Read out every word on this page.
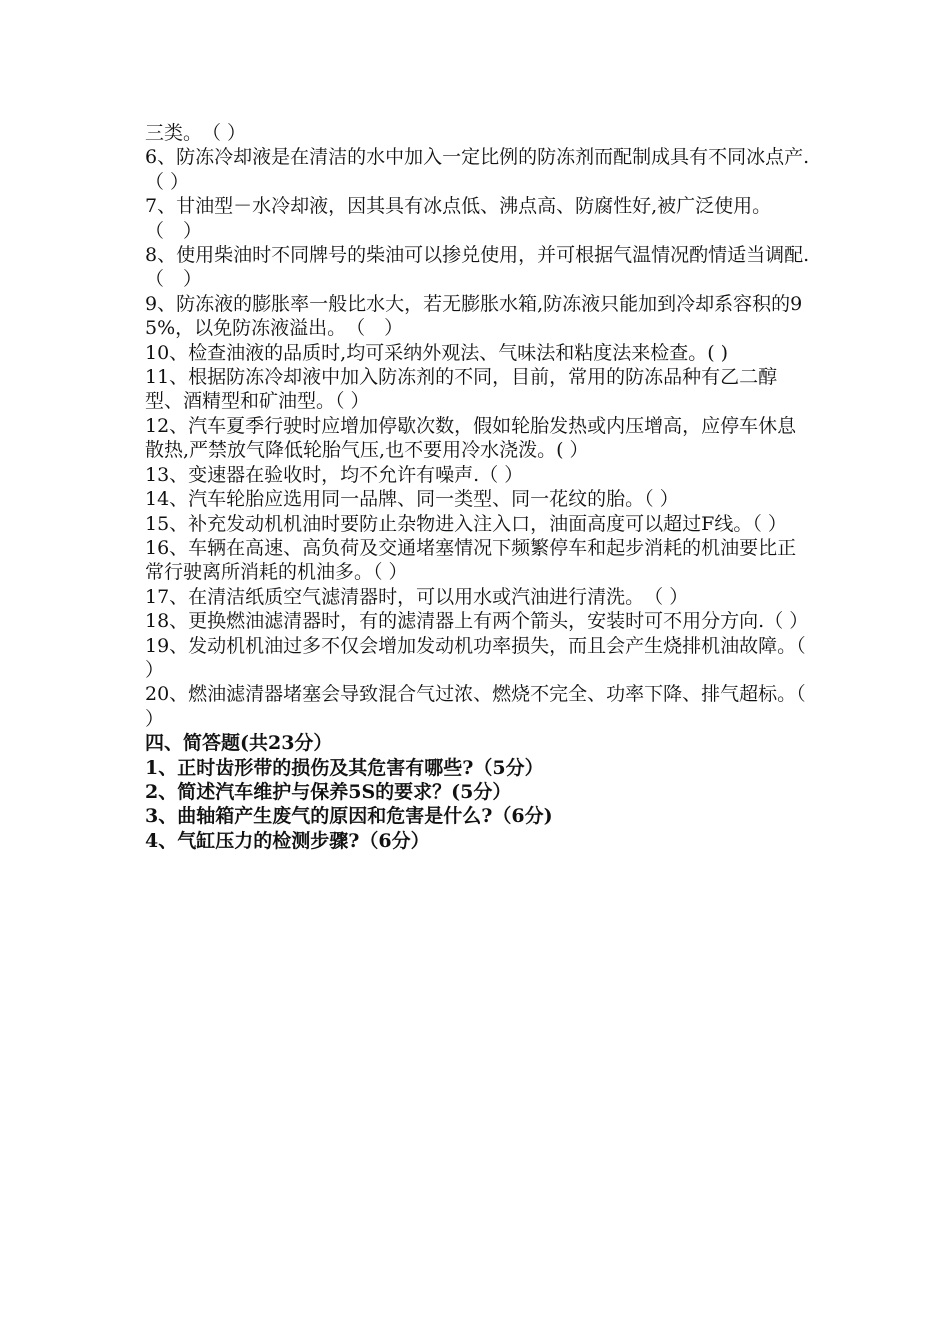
三类。　（ ）

6、防冻冷却液是在清洁的水中加入一定比例的防冻剂而配制成具有不同冰点产.（ ）

7、甘油型－水冷却液，因其具有冰点低、沸点高、防腐性好,被广泛使用。　（　）

8、使用柴油时不同牌号的柴油可以掺兑使用，并可根据气温情况酌情适当调配.（　）

9、防冻液的膨胀率一般比水大，若无膨胀水箱,防冻液只能加到冷却系容积的95%，以免防冻液溢出。　（　）

10、检查油液的品质时,均可采纳外观法、气味法和粘度法来检查。( )

11、根据防冻冷却液中加入防冻剂的不同，目前，常用的防冻品种有乙二醇型、酒精型和矿油型。（ ）

12、汽车夏季行驶时应增加停歇次数，假如轮胎发热或内压增高，应停车休息散热,严禁放气降低轮胎气压,也不要用冷水浇泼。( ）

13、变速器在验收时，均不允许有噪声.（ ）

14、汽车轮胎应选用同一品牌、同一类型、同一花纹的胎。（ ）

15、补充发动机机油时要防止杂物进入注入口，油面高度可以超过F线。（ ）

16、车辆在高速、高负荷及交通堵塞情况下频繁停车和起步消耗的机油要比正常行驶离所消耗的机油多。（ ）

17、在清洁纸质空气滤清器时，可以用水或汽油进行清洗。　（ ）

18、更换燃油滤清器时，有的滤清器上有两个箭头，安装时可不用分方向.（ ）

19、发动机机油过多不仅会增加发动机功率损失，而且会产生烧排机油故障。（ ）

20、燃油滤清器堵塞会导致混合气过浓、燃烧不完全、功率下降、排气超标。（ ）

四、简答题(共23分）

1、正时齿形带的损伤及其危害有哪些?（5分）

2、简述汽车维护与保养5S的要求？(5分）

3、曲轴箱产生废气的原因和危害是什么?（6分)

4、气缸压力的检测步骤?（6分）
